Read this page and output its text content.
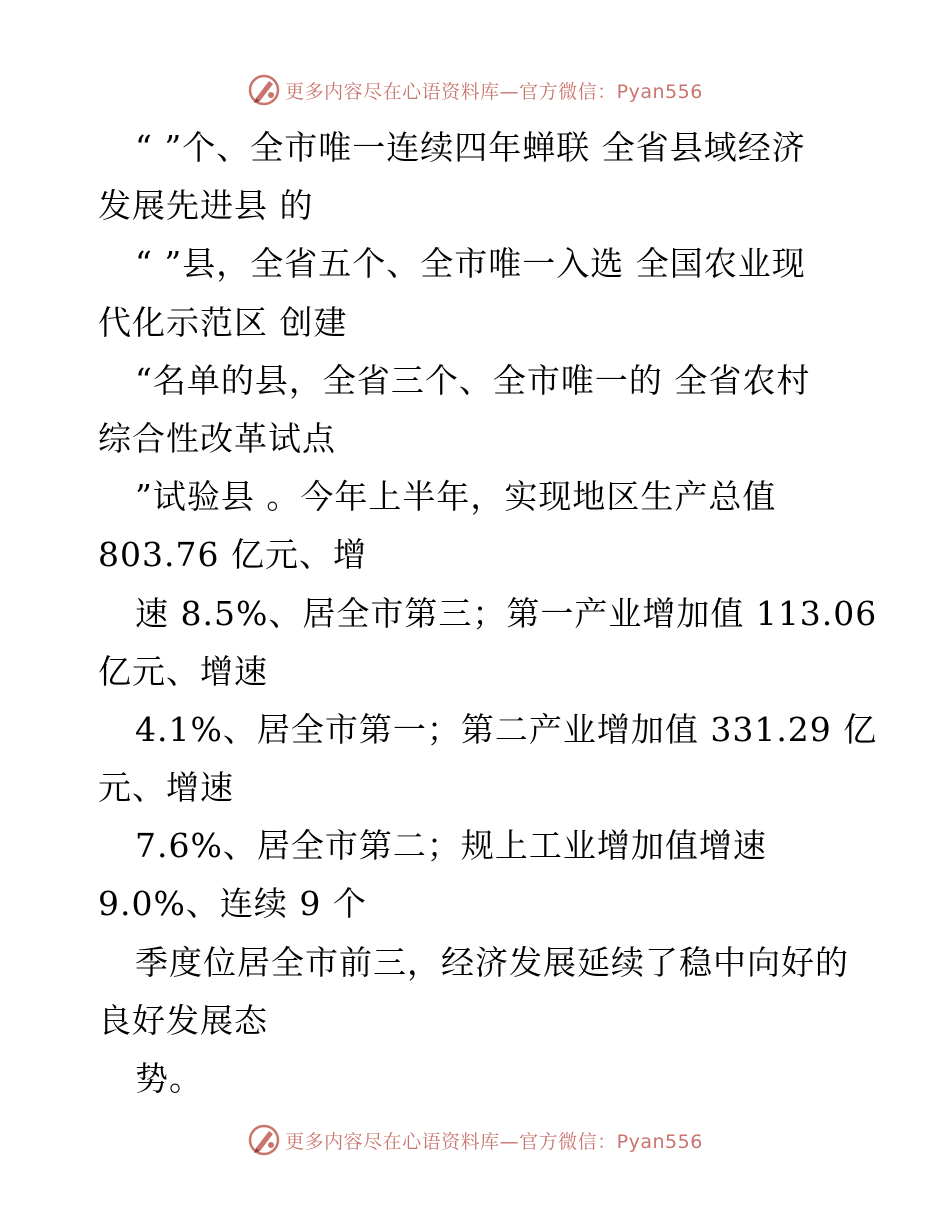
更多内容尽在心语资料库—官方微信：Pyan556
“ ”个、全市唯一连续四年蝉联 全省县域经济
发展先进县 的
“ ”县，全省五个、全市唯一入选 全国农业现
代化示范区 创建
“名单的县，全省三个、全市唯一的 全省农村
综合性改革试点
”试验县 。今年上半年，实现地区生产总值
803.76 亿元、增
速 8.5%、居全市第三；第一产业增加值 113.06
亿元、增速
4.1%、居全市第一；第二产业增加值 331.29 亿
元、增速
7.6%、居全市第二；规上工业增加值增速
9.0%、连续 9 个
季度位居全市前三，经济发展延续了稳中向好的
良好发展态
势。
更多内容尽在心语资料库—官方微信：Pyan556
